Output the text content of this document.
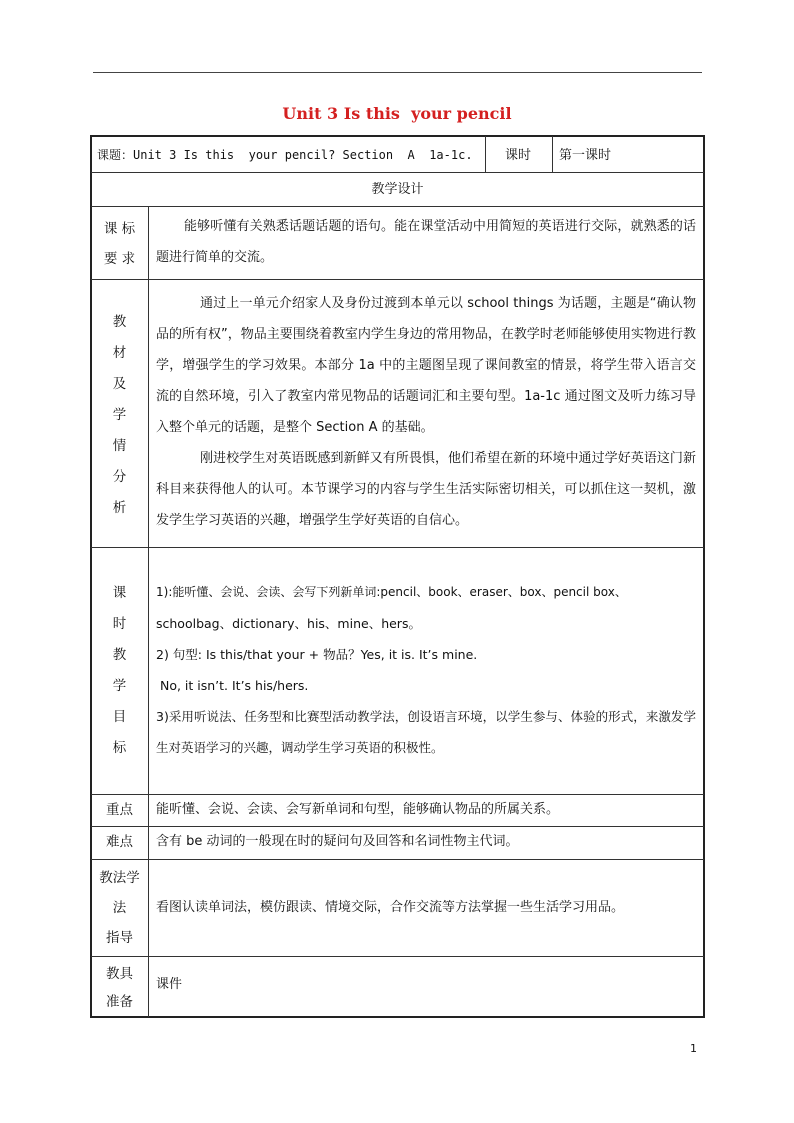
Unit 3 Is this  your pencil
课题：Unit 3 Is this  your pencil? Section  A  1a-1c. 课时 第一课时
教学设计
课 标
要 求

能够听懂有关熟悉话题话题的语句。能在课堂活动中用简短的英语进行交际，就熟悉的话题进行简单的交流。

教
材
及
学
情
分
析

通过上一单元介绍家人及身份过渡到本单元以 school things 为话题，主题是“确认物品的所有权”，物品主要围绕着教室内学生身边的常用物品，在教学时老师能够使用实物进行教学，增强学生的学习效果。本部分 1a 中的主题图呈现了课间教室的情景，将学生带入语言交流的自然环境，引入了教室内常见物品的话题词汇和主要句型。1a-1c 通过图文及听力练习导入整个单元的话题，是整个 Section A 的基础。

刚进校学生对英语既感到新鲜又有所畏惧，他们希望在新的环境中通过学好英语这门新科目来获得他人的认可。本节课学习的内容与学生生活实际密切相关，可以抓住这一契机，激发学生学习英语的兴趣，增强学生学好英语的自信心。

课
时
教
学
目
标

1):能听懂、会说、会读、会写下列新单词:pencil、book、eraser、box、pencil box、

schoolbag、dictionary、his、mine、hers。

2) 句型: Is this/that your + 物品？Yes, it is. It’s mine.

No, it isn’t. It’s his/hers.

3)采用听说法、任务型和比赛型活动教学法，创设语言环境，以学生参与、体验的形式，来激发学生对英语学习的兴趣，调动学生学习英语的积极性。

重点	能听懂、会说、会读、会写新单词和句型，能够确认物品的所属关系。
难点	含有 be 动词的一般现在时的疑问句及回答和名词性物主代词。
教法学
法
指导
看图认读单词法，模仿跟读、情境交际，合作交流等方法掌握一些生活学习用品。
教具
准备
课件
1
